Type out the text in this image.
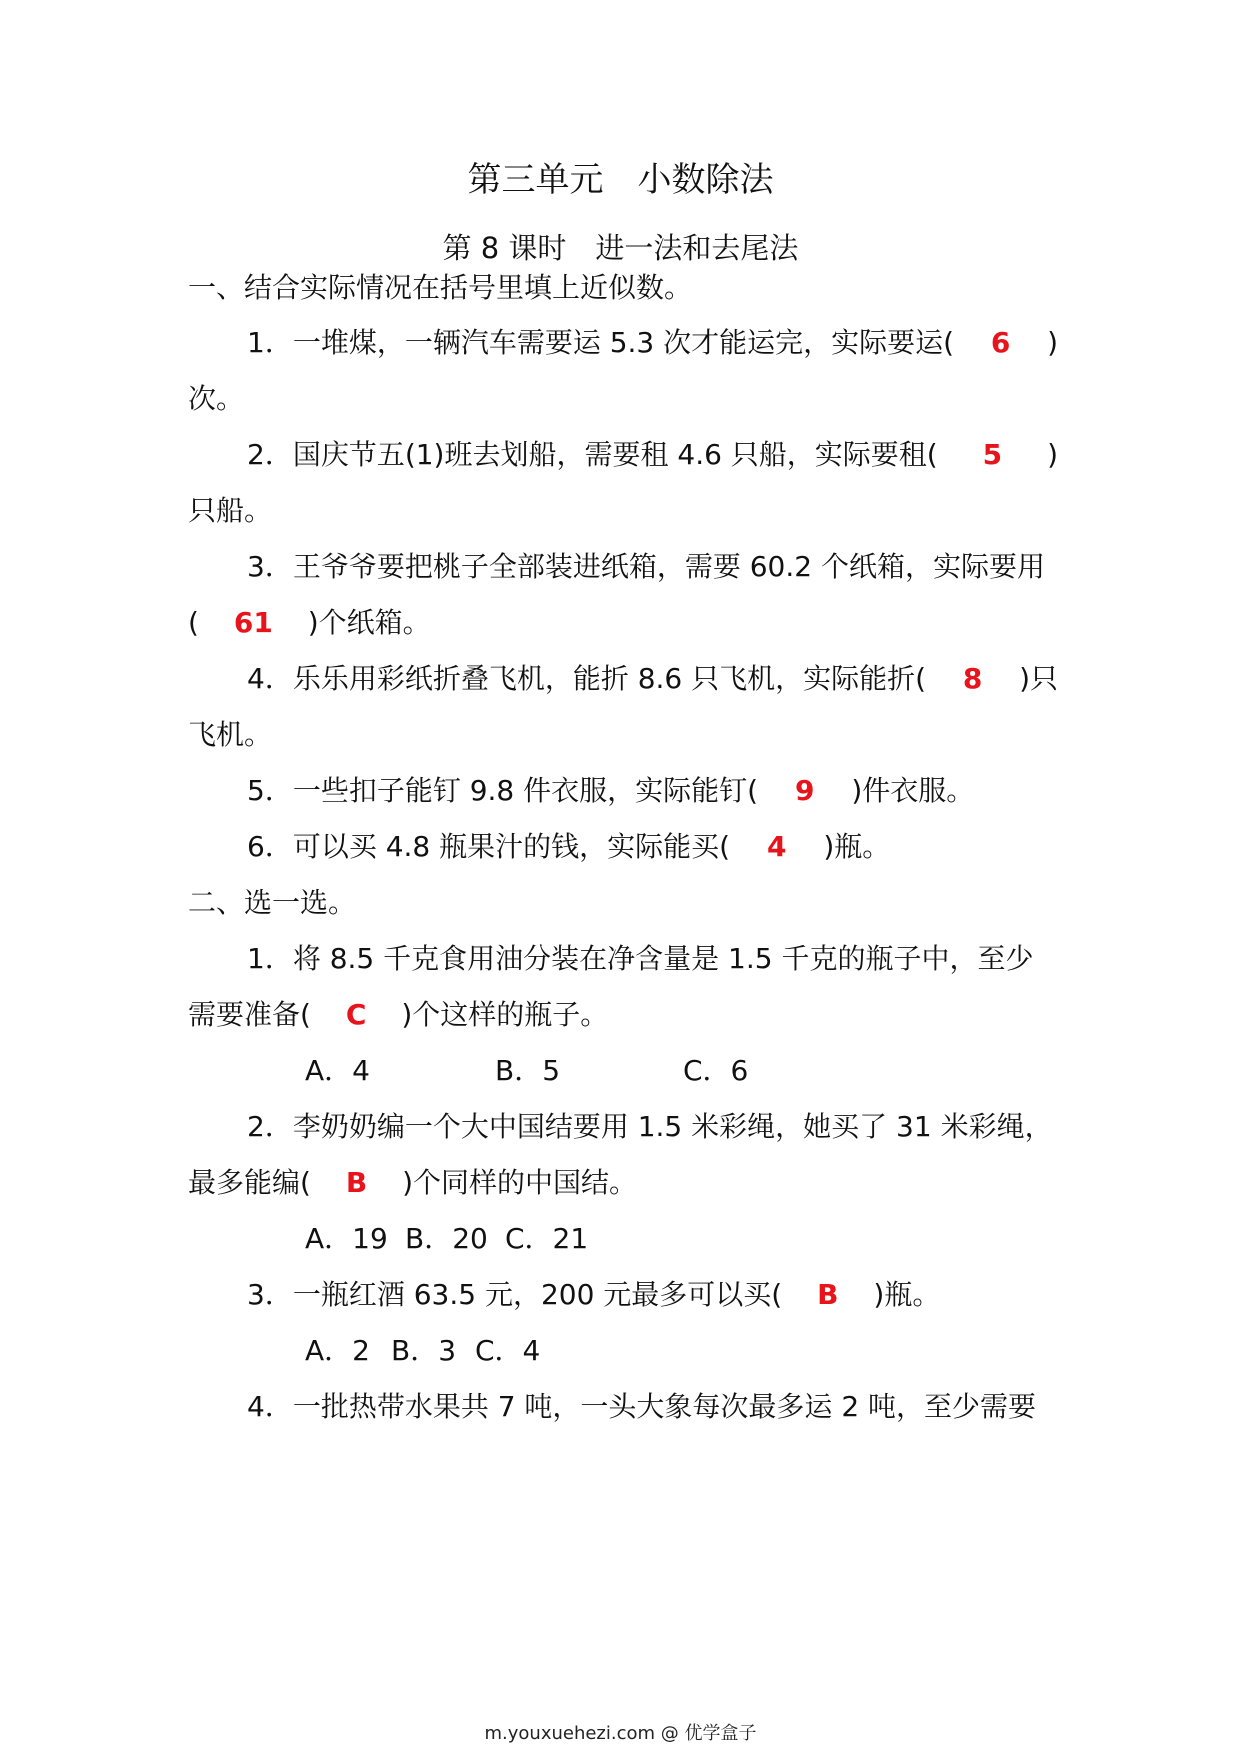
第三单元　小数除法
第 8 课时　进一法和去尾法
一、结合实际情况在括号里填上近似数。
1．一堆煤，一辆汽车需要运 5.3 次才能运完，实际要运( 6 )
次。
2．国庆节五(1)班去划船，需要租 4.6 只船，实际要租( 5 )
只船。
3．王爷爷要把桃子全部装进纸箱，需要 60.2 个纸箱，实际要用
( 61 )个纸箱。
4．乐乐用彩纸折叠飞机，能折 8.6 只飞机，实际能折( 8 )只
飞机。
5．一些扣子能钉 9.8 件衣服，实际能钉( 9 )件衣服。
6．可以买 4.8 瓶果汁的钱，实际能买( 4 )瓶。
二、选一选。
1．将 8.5 千克食用油分装在净含量是 1.5 千克的瓶子中，至少
需要准备( C )个这样的瓶子。
A．4	B．5	C．6
2．李奶奶编一个大中国结要用 1.5 米彩绳，她买了 31 米彩绳，
最多能编( B )个同样的中国结。
A．19 B．20 C．21
3．一瓶红酒 63.5 元，200 元最多可以买( B )瓶。
A．2 B．3 C．4
4．一批热带水果共 7 吨，一头大象每次最多运 2 吨，至少需要
m.youxuehezi.com @ 优学盒子
